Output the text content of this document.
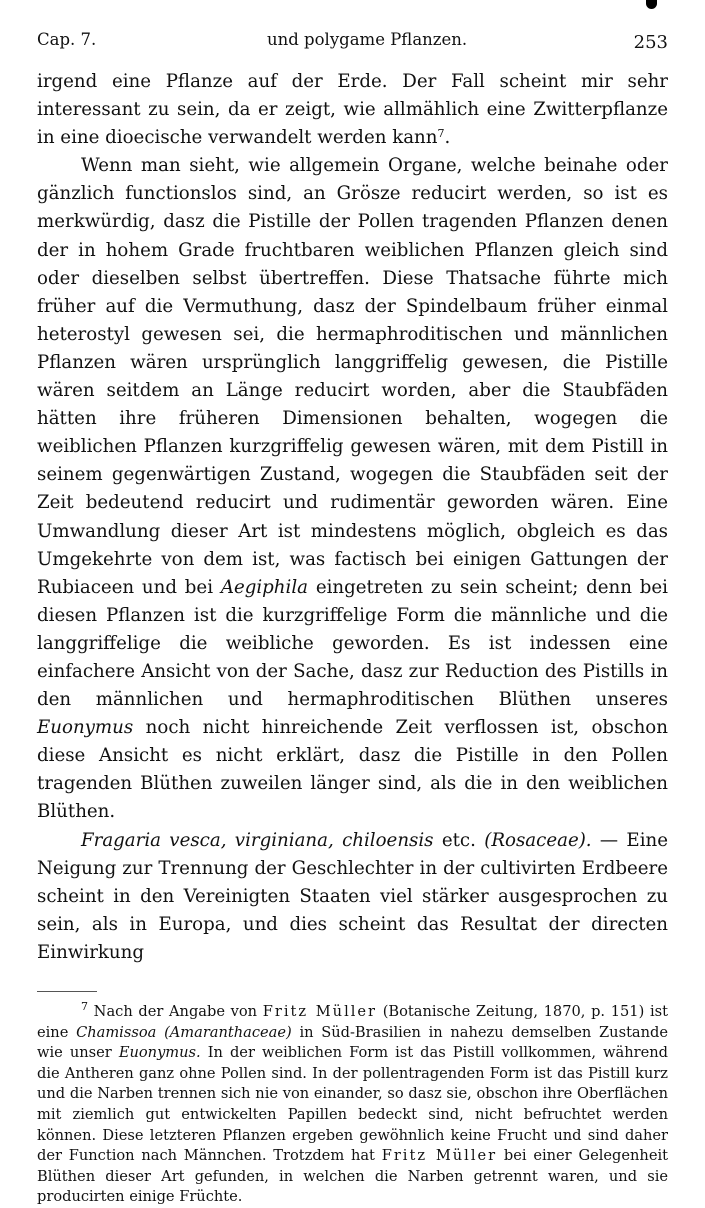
Cap. 7.	und polygame Pflanzen.	253

irgend eine Pflanze auf der Erde. Der Fall scheint mir sehr interessant zu sein, da er zeigt, wie allmählich eine Zwitterpflanze in eine dioecische verwandelt werden kann$^7$.

Wenn man sieht, wie allgemein Organe, welche beinahe oder gänzlich functionslos sind, an Grösze reducirt werden, so ist es merkwürdig, dasz die Pistille der Pollen tragenden Pflanzen denen der in hohem Grade fruchtbaren weiblichen Pflanzen gleich sind oder dieselben selbst übertreffen. Diese Thatsache führte mich früher auf die Vermuthung, dasz der Spindelbaum früher einmal heterostyl gewesen sei, die hermaphroditischen und männlichen Pflanzen wären ursprünglich langgriffelig gewesen, die Pistille wären seitdem an Länge reducirt worden, aber die Staubfäden hätten ihre früheren Dimensionen behalten, wogegen die weiblichen Pflanzen kurzgriffelig gewesen wären, mit dem Pistill in seinem gegenwärtigen Zustand, wogegen die Staubfäden seit der Zeit bedeutend reducirt und rudimentär geworden wären. Eine Umwandlung dieser Art ist mindestens möglich, obgleich es das Umgekehrte von dem ist, was factisch bei einigen Gattungen der Rubiaceen und bei Aegiphila eingetreten zu sein scheint; denn bei diesen Pflanzen ist die kurzgriffelige Form die männliche und die langgriffelige die weibliche geworden. Es ist indessen eine einfachere Ansicht von der Sache, dasz zur Reduction des Pistills in den männlichen und hermaphroditischen Blüthen unseres Euonymus noch nicht hinreichende Zeit verflossen ist, obschon diese Ansicht es nicht erklärt, dasz die Pistille in den Pollen tragenden Blüthen zuweilen länger sind, als die in den weiblichen Blüthen.

Fragaria vesca, virginiana, chiloensis etc. (Rosaceae). — Eine Neigung zur Trennung der Geschlechter in der cultivirten Erdbeere scheint in den Vereinigten Staaten viel stärker ausgesprochen zu sein, als in Europa, und dies scheint das Resultat der directen Einwirkung

$^7$ Nach der Angabe von Fritz Müller (Botanische Zeitung, 1870, p. 151) ist eine Chamissoa (Amaranthaceae) in Süd-Brasilien in nahezu demselben Zustande wie unser Euonymus. In der weiblichen Form ist das Pistill vollkommen, während die Antheren ganz ohne Pollen sind. In der pollentragenden Form ist das Pistill kurz und die Narben trennen sich nie von einander, so dasz sie, obschon ihre Oberflächen mit ziemlich gut entwickelten Papillen bedeckt sind, nicht befruchtet werden können. Diese letzteren Pflanzen ergeben gewöhnlich keine Frucht und sind daher der Function nach Männchen. Trotzdem hat Fritz Müller bei einer Gelegenheit Blüthen dieser Art gefunden, in welchen die Narben getrennt waren, und sie producirten einige Früchte.
